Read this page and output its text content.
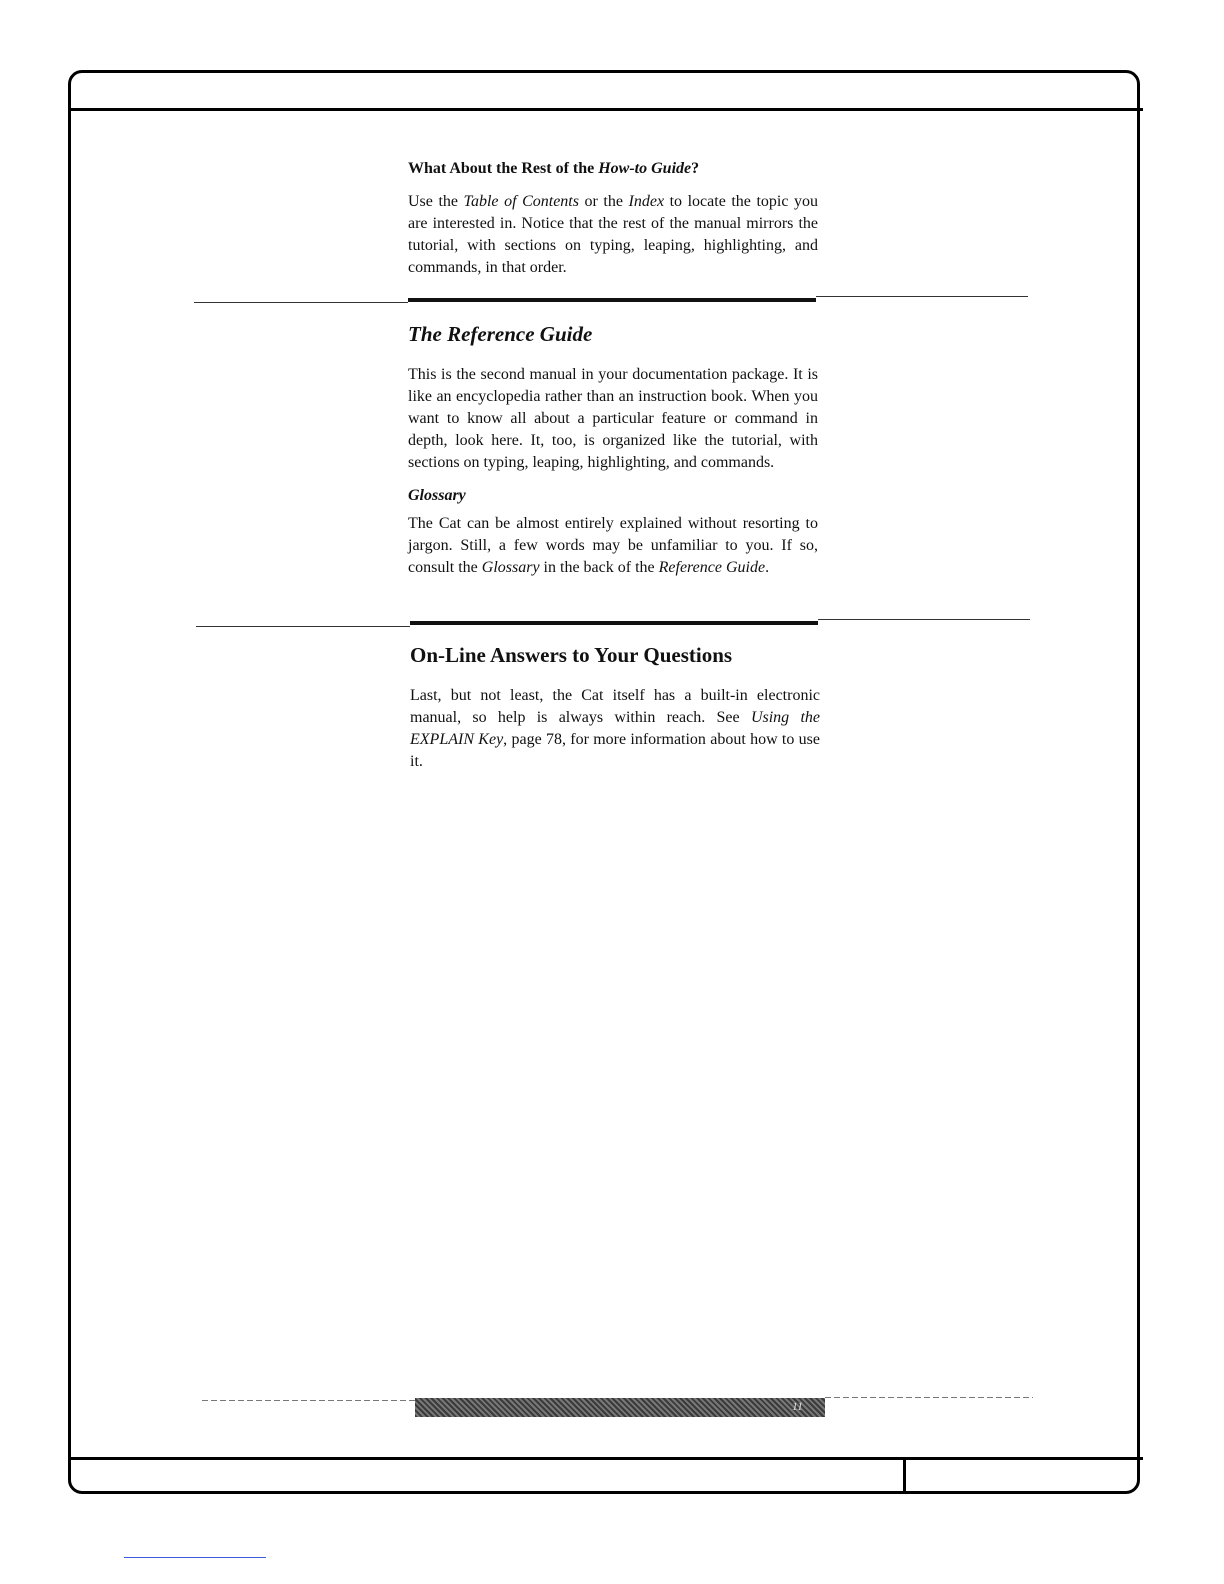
What About the Rest of the How-to Guide?

Use the Table of Contents or the Index to locate the topic you are interested in. Notice that the rest of the manual mirrors the tutorial, with sections on typing, leaping, highlighting, and commands, in that order.

The Reference Guide

This is the second manual in your documentation package. It is like an encyclopedia rather than an instruction book. When you want to know all about a particular feature or command in depth, look here. It, too, is organized like the tutorial, with sections on typing, leaping, highlighting, and commands.

Glossary

The Cat can be almost entirely explained without resorting to jargon. Still, a few words may be unfamiliar to you. If so, consult the Glossary in the back of the Reference Guide.

On-Line Answers to Your Questions

Last, but not least, the Cat itself has a built-in electronic manual, so help is always within reach. See Using the EXPLAIN Key, page 78, for more information about how to use it.

11
